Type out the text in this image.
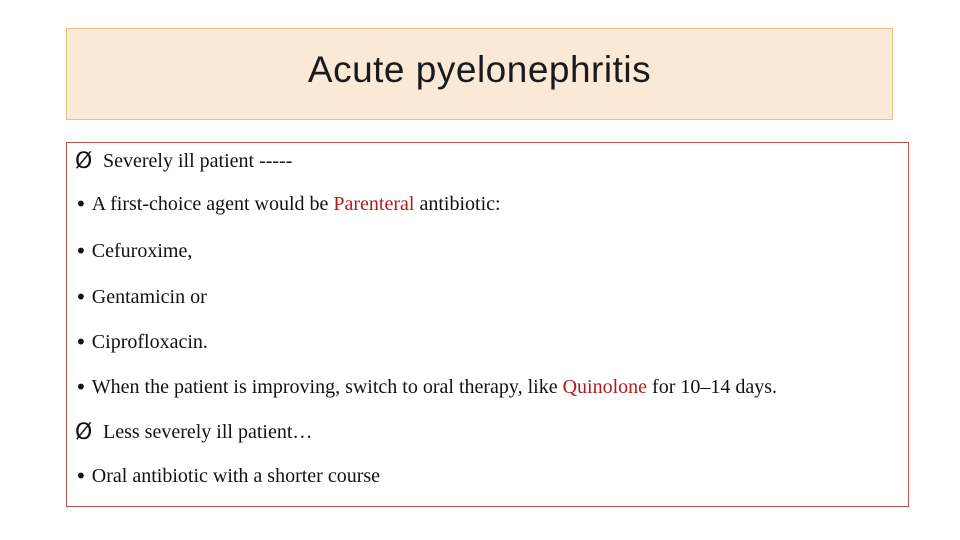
Acute pyelonephritis
Ø Severely ill patient -----
• A first-choice agent would be Parenteral antibiotic:
• Cefuroxime,
• Gentamicin or
• Ciprofloxacin.
• When the patient is improving, switch to oral therapy, like Quinolone for 10–14 days.
Ø Less severely ill patient…
• Oral antibiotic with a shorter course
